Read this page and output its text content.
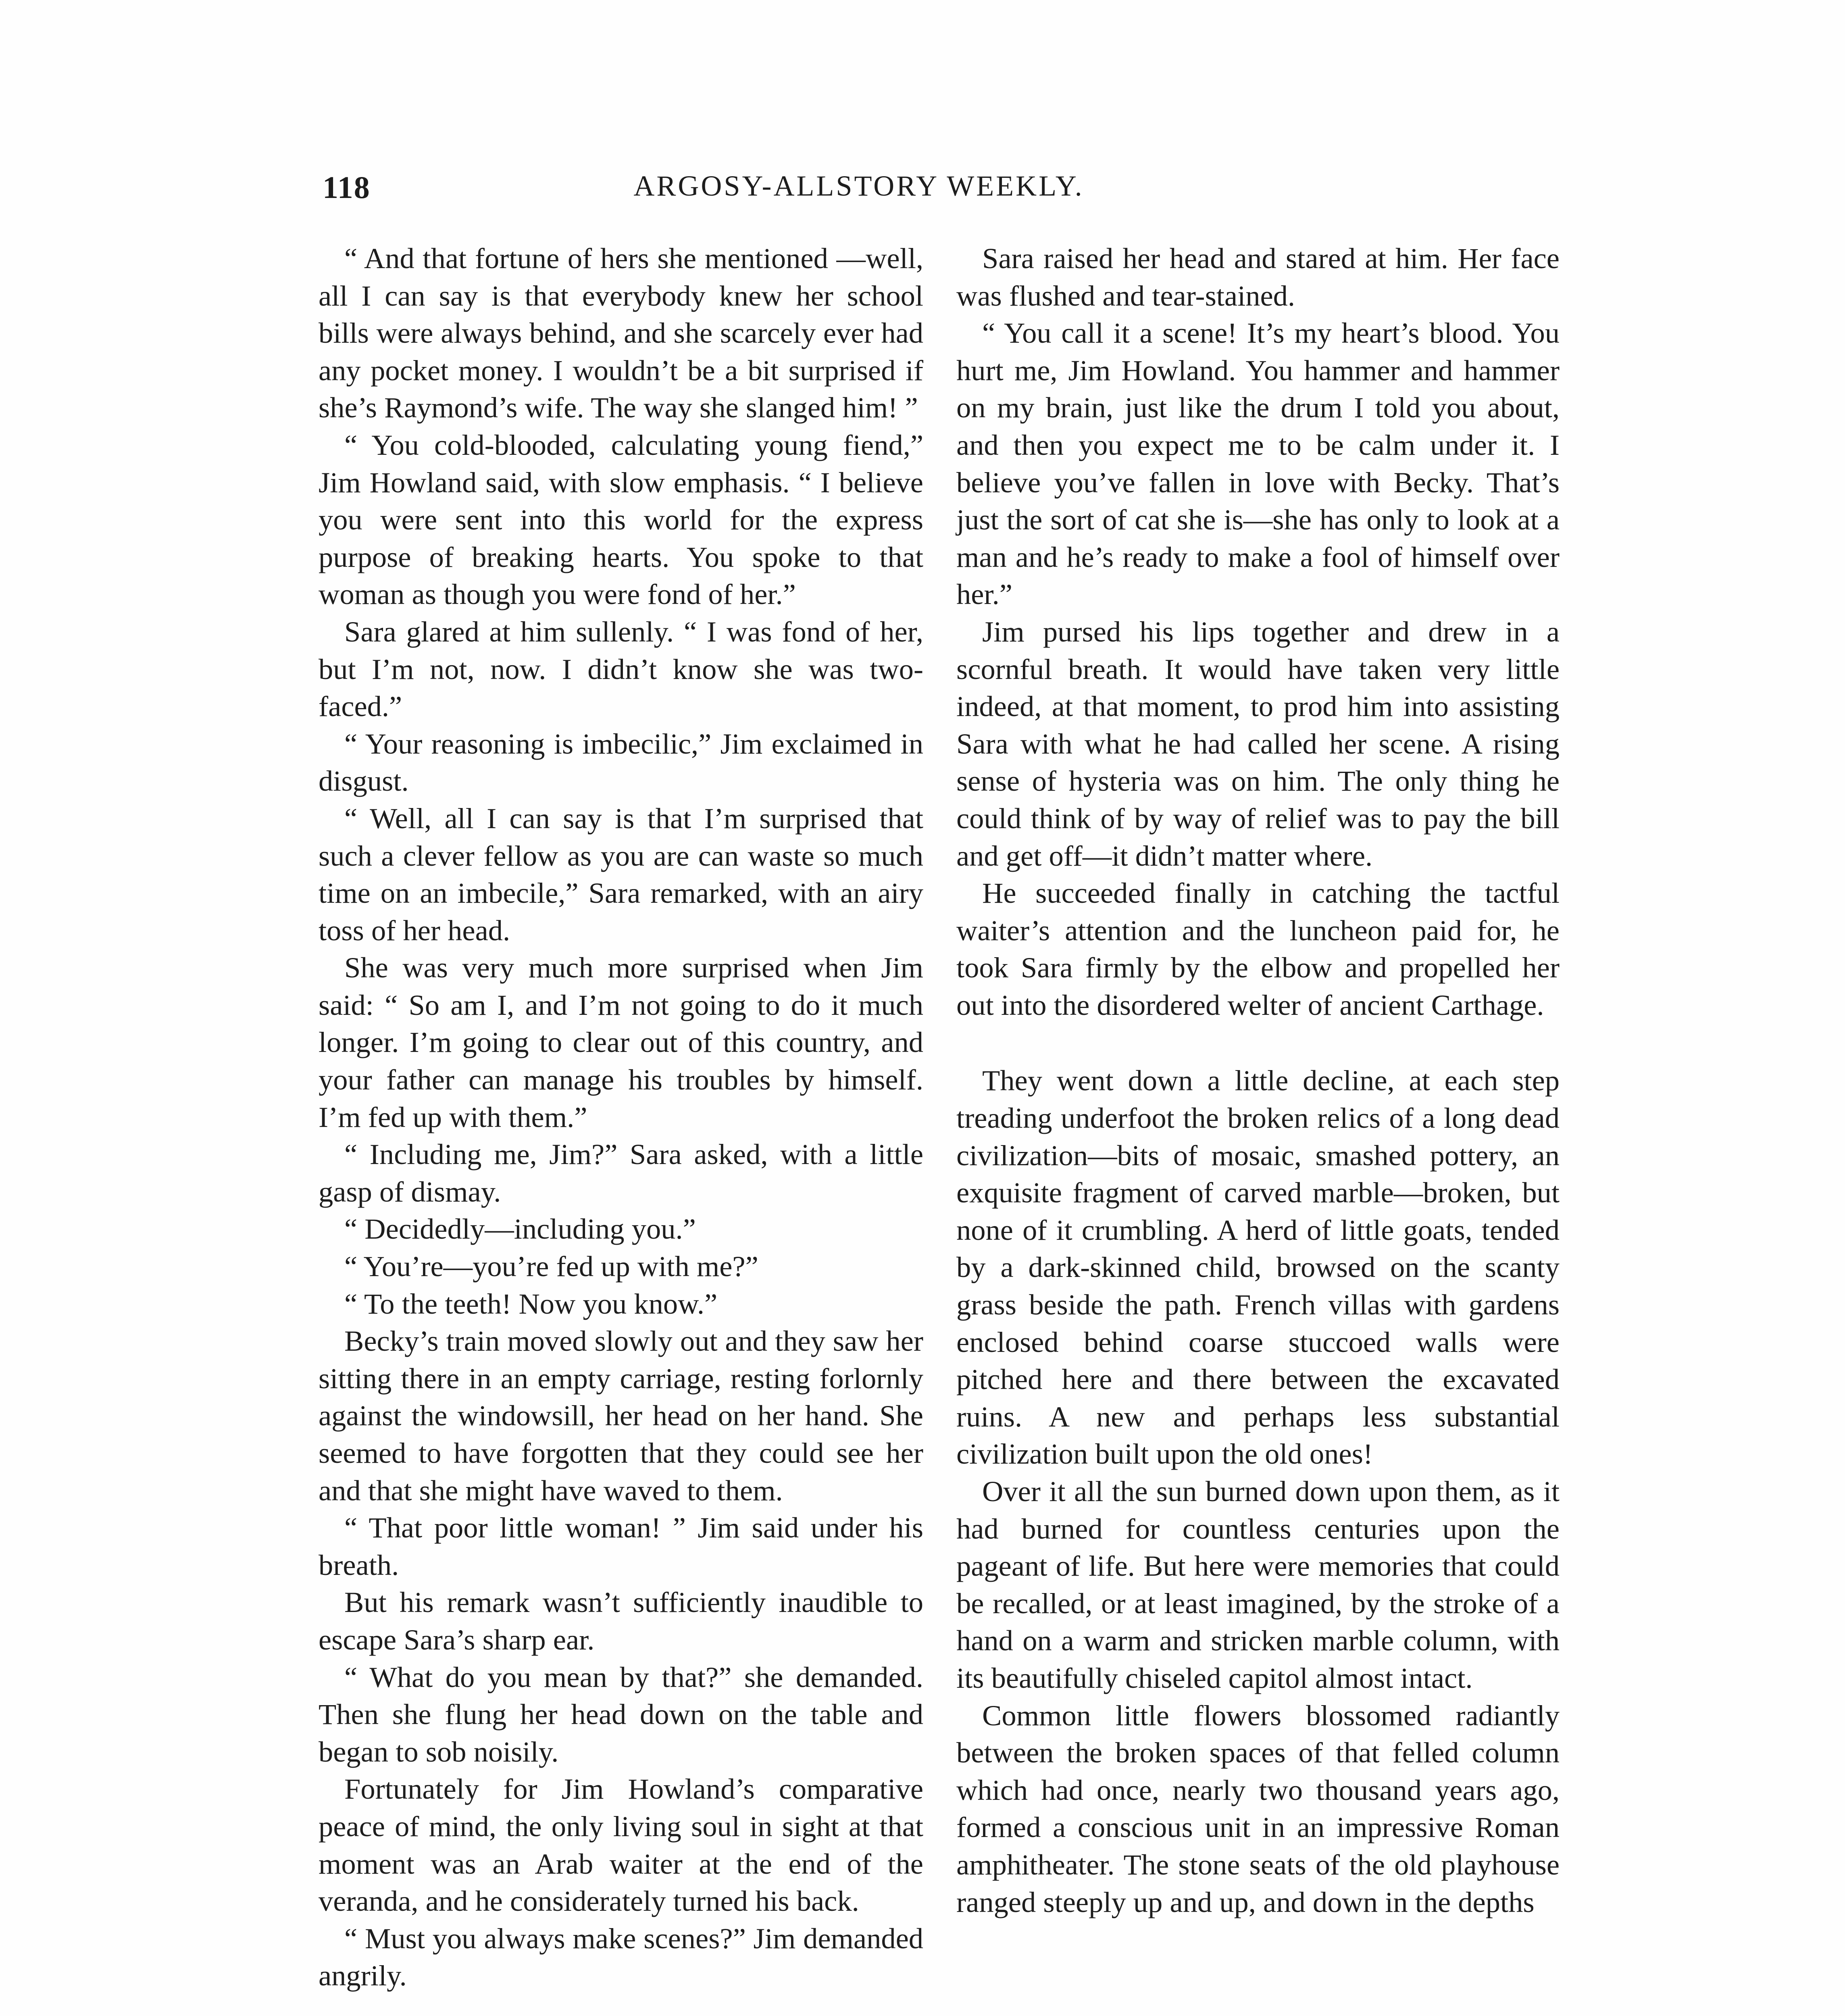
118	ARGOSY-ALLSTORY WEEKLY.

“ And that fortune of hers she mentioned —well, all I can say is that everybody knew her school bills were always behind, and she scarcely ever had any pocket money. I wouldn’t be a bit surprised if she’s Raymond’s wife. The way she slanged him! ”

“ You cold-blooded, calculating young fiend,” Jim Howland said, with slow emphasis. “ I believe you were sent into this world for the express purpose of breaking hearts. You spoke to that woman as though you were fond of her.”

Sara glared at him sullenly. “ I was fond of her, but I’m not, now. I didn’t know she was two-faced.”

“ Your reasoning is imbecilic,” Jim exclaimed in disgust.

“ Well, all I can say is that I’m surprised that such a clever fellow as you are can waste so much time on an imbecile,” Sara remarked, with an airy toss of her head.

She was very much more surprised when Jim said: “ So am I, and I’m not going to do it much longer. I’m going to clear out of this country, and your father can manage his troubles by himself. I’m fed up with them.”

“ Including me, Jim?” Sara asked, with a little gasp of dismay.

“ Decidedly—including you.”

“ You’re—you’re fed up with me?”

“ To the teeth! Now you know.”

Becky’s train moved slowly out and they saw her sitting there in an empty carriage, resting forlornly against the windowsill, her head on her hand. She seemed to have forgotten that they could see her and that she might have waved to them.

“ That poor little woman! ” Jim said under his breath.

But his remark wasn’t sufficiently inaudible to escape Sara’s sharp ear.

“ What do you mean by that?” she demanded. Then she flung her head down on the table and began to sob noisily.

Fortunately for Jim Howland’s comparative peace of mind, the only living soul in sight at that moment was an Arab waiter at the end of the veranda, and he considerately turned his back.

“ Must you always make scenes?” Jim demanded angrily.

Sara raised her head and stared at him. Her face was flushed and tear-stained.

“ You call it a scene! It’s my heart’s blood. You hurt me, Jim Howland. You hammer and hammer on my brain, just like the drum I told you about, and then you expect me to be calm under it. I believe you’ve fallen in love with Becky. That’s just the sort of cat she is—she has only to look at a man and he’s ready to make a fool of himself over her.”

Jim pursed his lips together and drew in a scornful breath. It would have taken very little indeed, at that moment, to prod him into assisting Sara with what he had called her scene. A rising sense of hysteria was on him. The only thing he could think of by way of relief was to pay the bill and get off—it didn’t matter where.

He succeeded finally in catching the tactful waiter’s attention and the luncheon paid for, he took Sara firmly by the elbow and propelled her out into the disordered welter of ancient Carthage.

They went down a little decline, at each step treading underfoot the broken relics of a long dead civilization—bits of mosaic, smashed pottery, an exquisite fragment of carved marble—broken, but none of it crumbling. A herd of little goats, tended by a dark-skinned child, browsed on the scanty grass beside the path. French villas with gardens enclosed behind coarse stuccoed walls were pitched here and there between the excavated ruins. A new and perhaps less substantial civilization built upon the old ones!

Over it all the sun burned down upon them, as it had burned for countless centuries upon the pageant of life. But here were memories that could be recalled, or at least imagined, by the stroke of a hand on a warm and stricken marble column, with its beautifully chiseled capitol almost intact.

Common little flowers blossomed radiantly between the broken spaces of that felled column which had once, nearly two thousand years ago, formed a conscious unit in an impressive Roman amphitheater. The stone seats of the old playhouse ranged steeply up and up, and down in the depths
